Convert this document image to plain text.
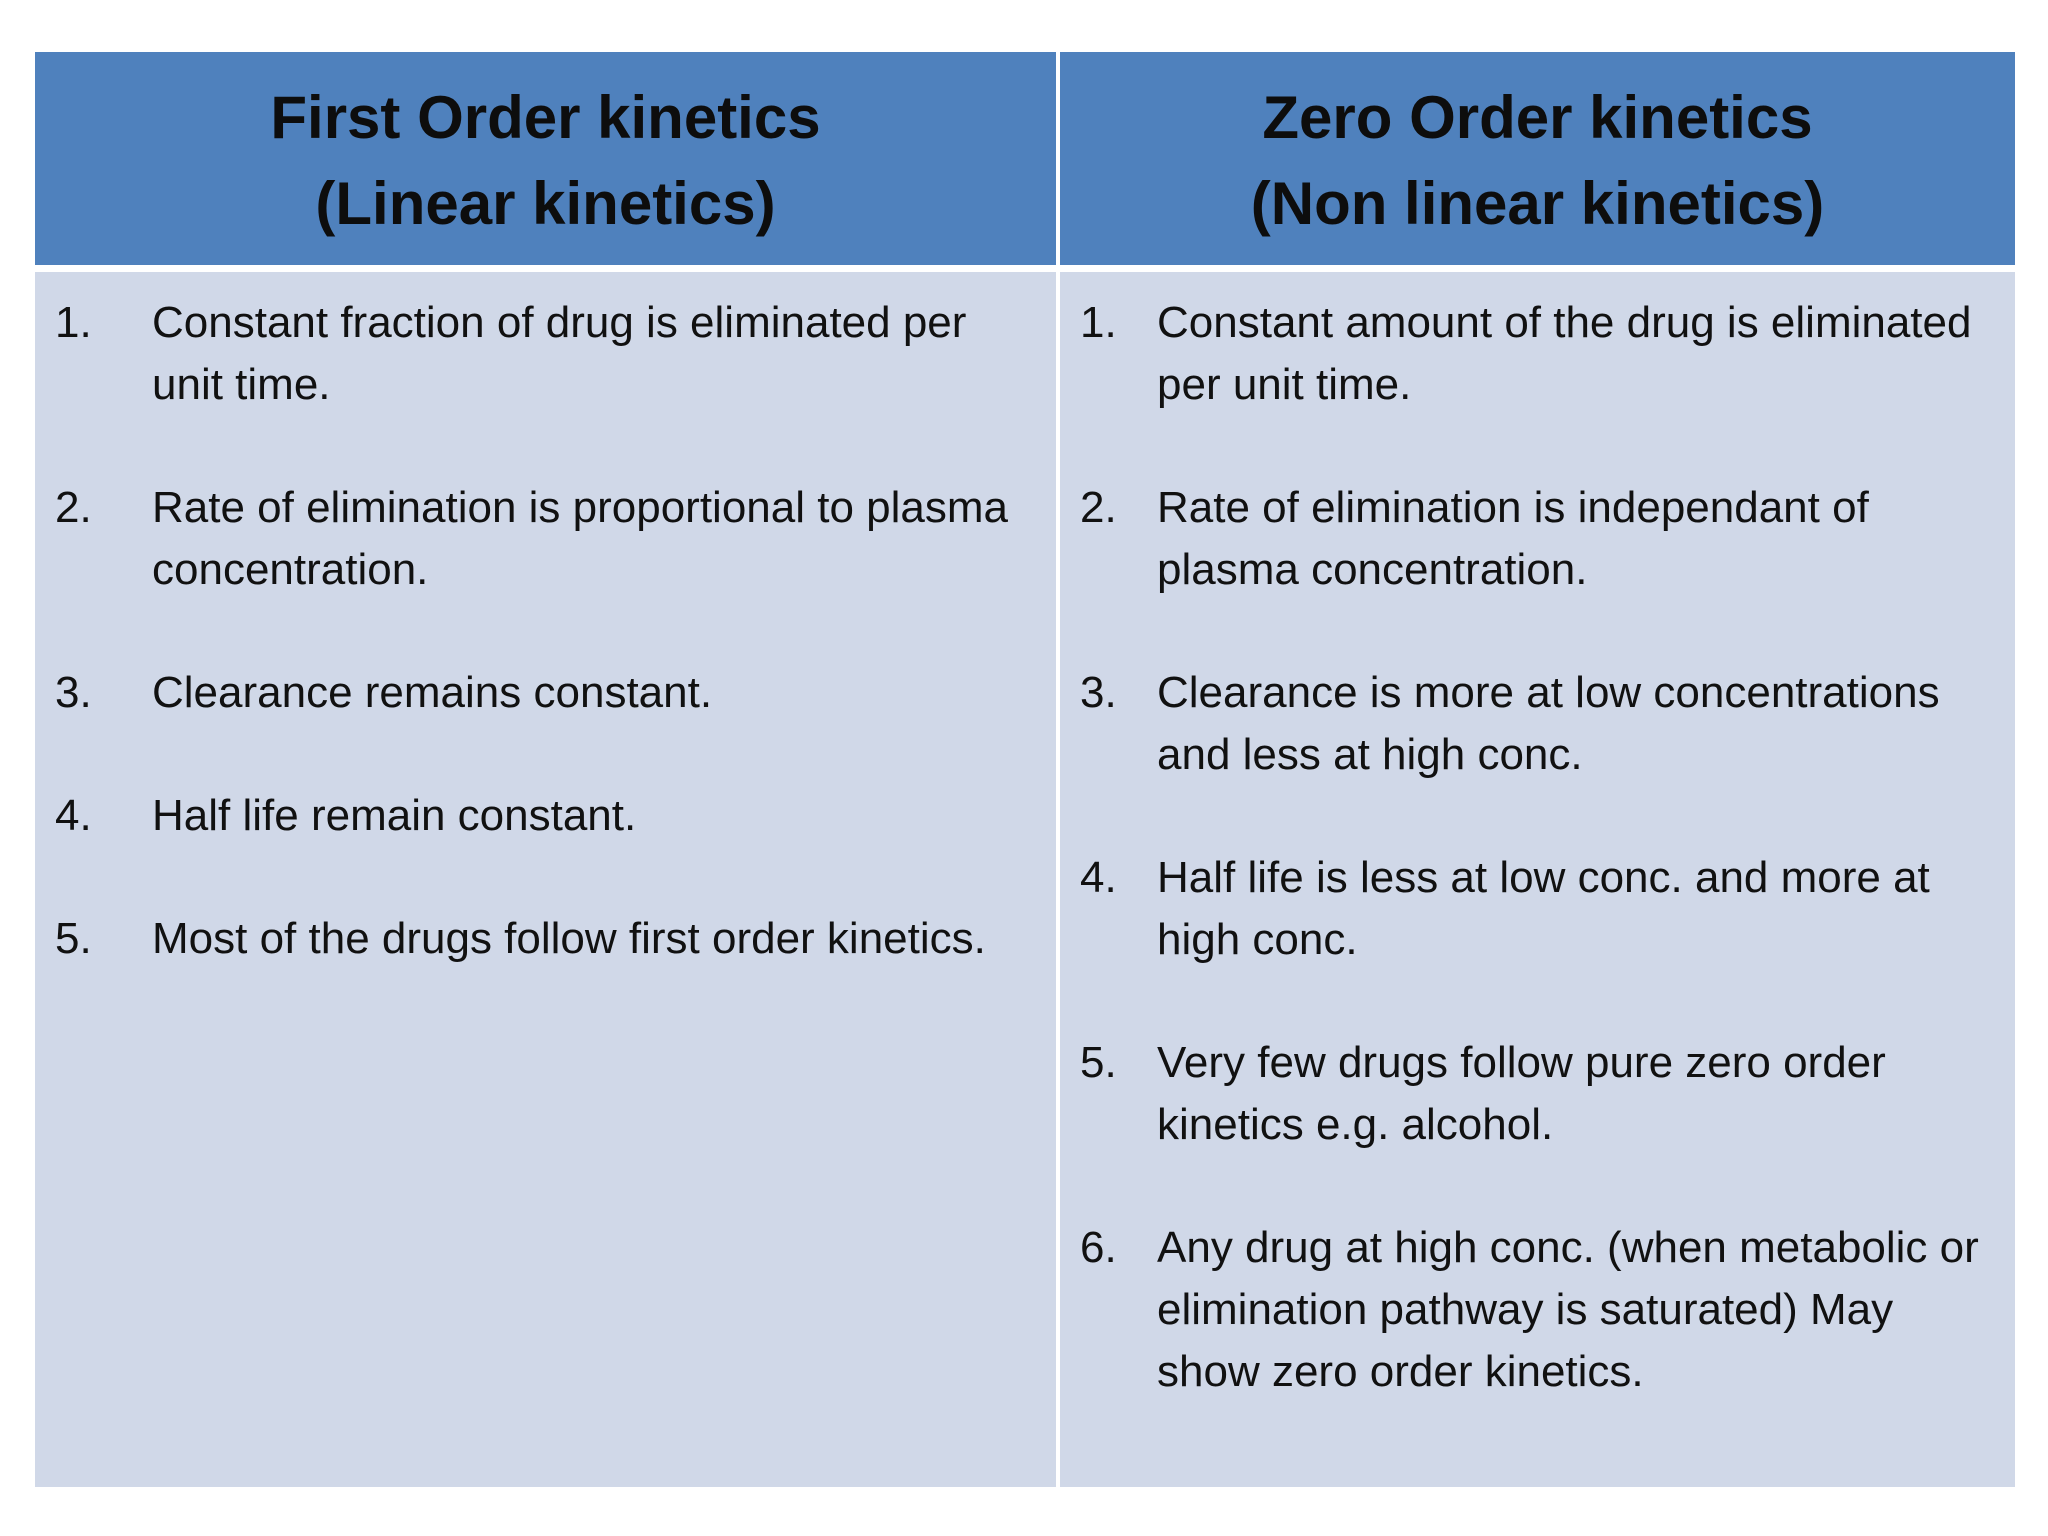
First Order kinetics
(Linear kinetics)
Zero Order kinetics
(Non linear kinetics)
1. Constant fraction of drug is eliminated per unit time.
2. Rate of elimination is proportional to plasma concentration.
3. Clearance remains constant.
4. Half life remain constant.
5. Most of the drugs follow first order kinetics.
1. Constant amount of the drug is eliminated per unit time.
2. Rate of elimination is independant of plasma concentration.
3. Clearance is more at low concentrations and less at high conc.
4. Half life is less at low conc. and more at high conc.
5. Very few drugs follow pure zero order kinetics e.g. alcohol.
6. Any drug at high conc. (when metabolic or elimination pathway is saturated) May show zero order kinetics.
